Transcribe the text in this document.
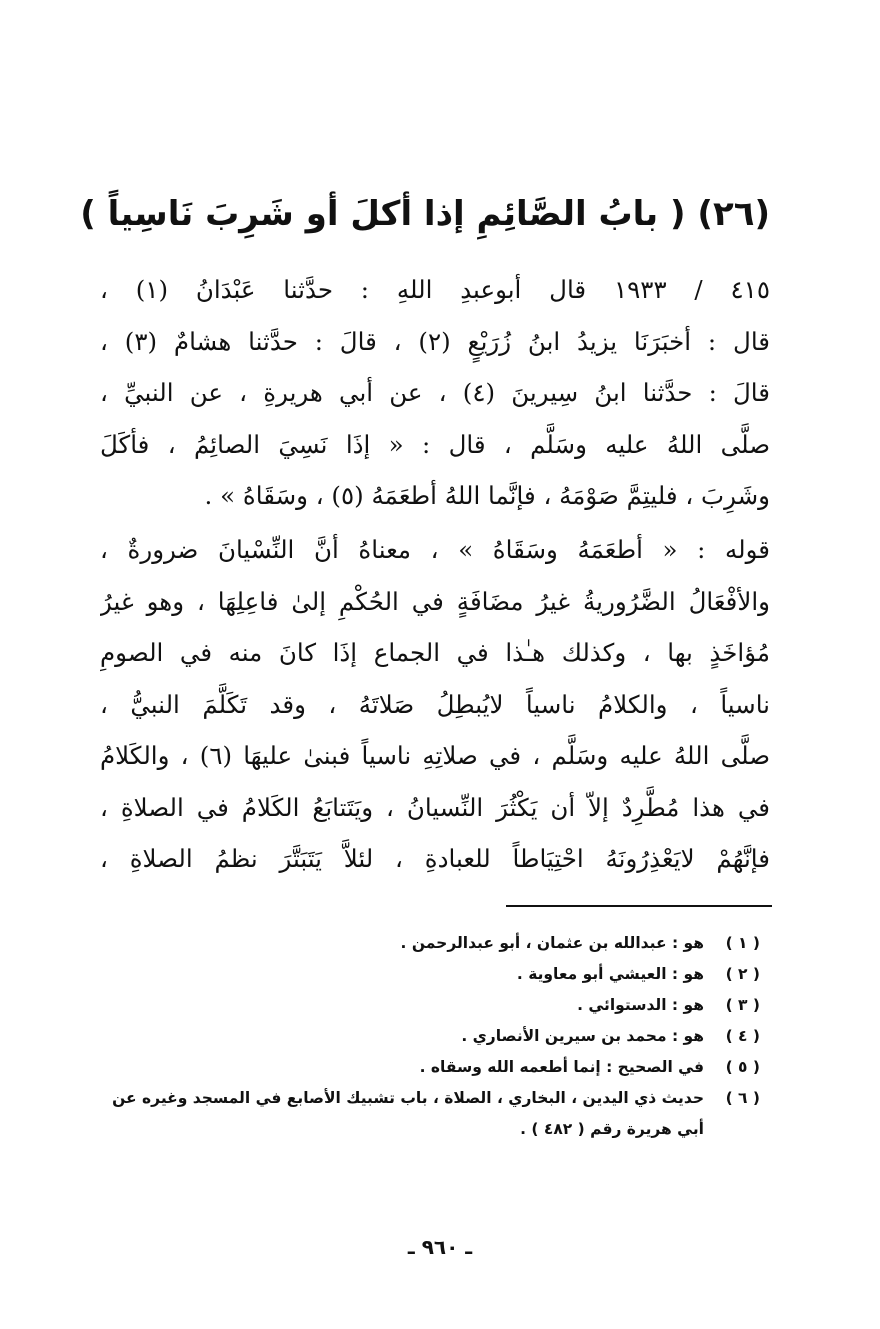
(٢٦) ( بابُ الصَّائِمِ إذا أكلَ أو شَرِبَ نَاسِياً )
٤١٥ / ١٩٣٣ قال أبوعبدِ اللهِ : حدَّثنا عَبْدَانُ (١) ،
قال : أخبَرَنَا يزيدُ ابنُ زُرَيْعٍ (٢) ، قالَ : حدَّثنا هشامٌ (٣) ،
قالَ : حدَّثنا ابنُ سِيرينَ (٤) ، عن أبي هريرةِ ، عن النبيِّ ،
صلَّى اللهُ عليه وسَلَّم ، قال : « إذَا نَسِيَ الصائِمُ ، فأكَلَ
وشَرِبَ ، فليتِمَّ صَوْمَهُ ، فإنَّما اللهُ أطعَمَهُ (٥) ، وسَقَاهُ » .
قوله : « أطعَمَهُ وسَقَاهُ » ، معناهُ أنَّ النِّسْيانَ ضرورةٌ ،
والأفْعَالُ الضَّرُوريةُ غيرُ مضَافَةٍ في الحُكْمِ إلىٰ فاعِلِهَا ، وهو غيرُ
مُؤاخَذٍ بها ، وكذلك هـٰذا في الجماع إذَا كانَ منه في الصومِ
ناسياً ، والكلامُ ناسياً لايُبطِلُ صَلاتَهُ ، وقد تَكَلَّمَ النبيُّ ،
صلَّى اللهُ عليه وسَلَّم ، في صلاتِهِ ناسياً فبنىٰ عليهَا (٦) ، والكَلامُ
في هذا مُطَّرِدٌ إلاّ أن يَكْثُرَ النِّسيانُ ، ويَتَتابَعُ الكَلامُ في الصلاةِ ،
فإنَّهُمْ لايَعْذِرُونَهُ احْتِيَاطاً للعبادةِ ، لئلاَّ يَتَبَتَّرَ نظمُ الصلاةِ ،
( ١ )
هو : عبدالله بن عثمان ، أبو عبدالرحمن .
( ٢ )
هو : العيشي أبو معاوية .
( ٣ )
هو : الدستوائي .
( ٤ )
هو : محمد بن سيرين الأنصاري .
( ٥ )
في الصحيح : إنما أطعمه الله وسقاه .
( ٦ )
حديث ذي اليدين ، البخاري ، الصلاة ، باب تشبيك الأصابع في المسجد وغيره عن أبي هريرة رقم ( ٤٨٢ ) .
ـ ٩٦٠ ـ
